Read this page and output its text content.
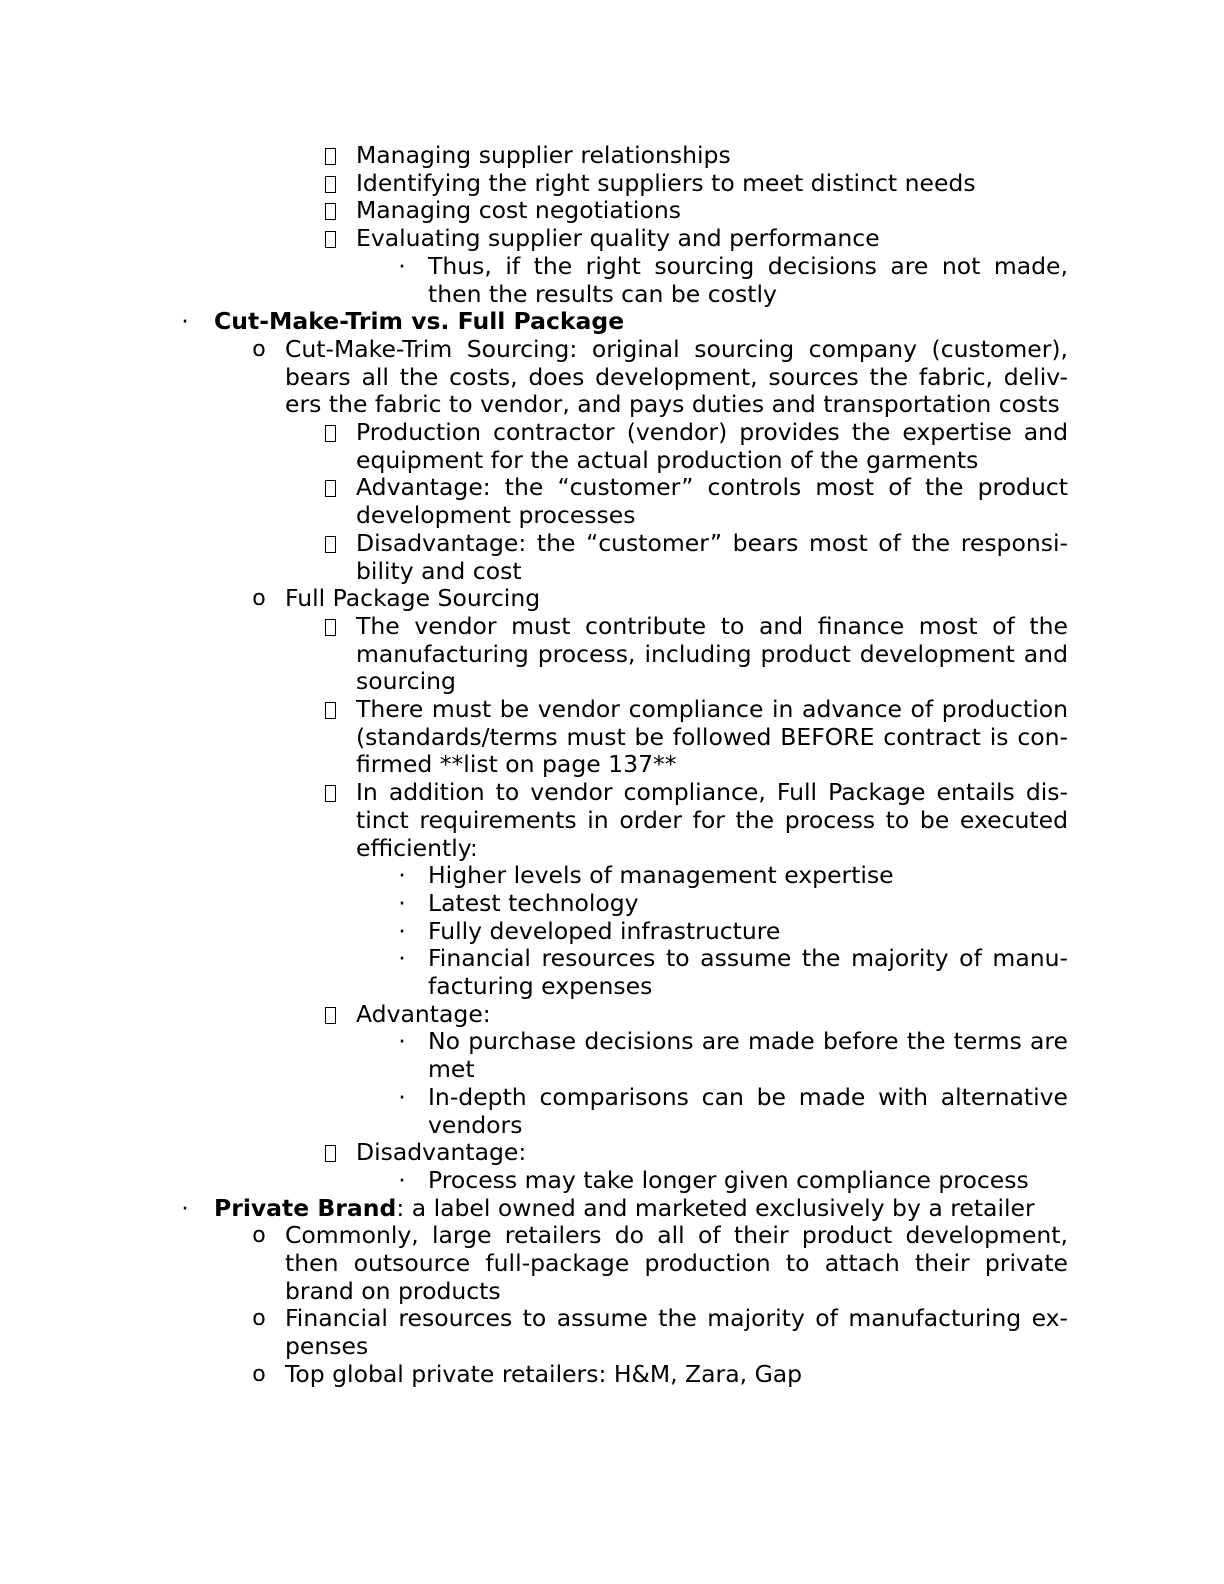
Managing supplier relationships
Identifying the right suppliers to meet distinct needs
Managing cost negotiations
Evaluating supplier quality and performance
· Thus, if the right sourcing decisions are not made,
then the results can be costly
· Cut-Make-Trim vs. Full Package
o Cut-Make-Trim Sourcing: original sourcing company (customer),
bears all the costs, does development, sources the fabric, deliv-
ers the fabric to vendor, and pays duties and transportation costs
Production contractor (vendor) provides the expertise and
equipment for the actual production of the garments
Advantage: the “customer” controls most of the product
development processes
Disadvantage: the “customer” bears most of the responsi-
bility and cost
o Full Package Sourcing
The vendor must contribute to and finance most of the
manufacturing process, including product development and
sourcing
There must be vendor compliance in advance of production
(standards/terms must be followed BEFORE contract is con-
firmed **list on page 137**
In addition to vendor compliance, Full Package entails dis-
tinct requirements in order for the process to be executed
efficiently:
· Higher levels of management expertise
· Latest technology
· Fully developed infrastructure
· Financial resources to assume the majority of manu-
facturing expenses
Advantage:
· No purchase decisions are made before the terms are
met
· In-depth comparisons can be made with alternative
vendors
Disadvantage:
· Process may take longer given compliance process
· Private Brand: a label owned and marketed exclusively by a retailer
o Commonly, large retailers do all of their product development,
then outsource full-package production to attach their private
brand on products
o Financial resources to assume the majority of manufacturing ex-
penses
o Top global private retailers: H&M, Zara, Gap
